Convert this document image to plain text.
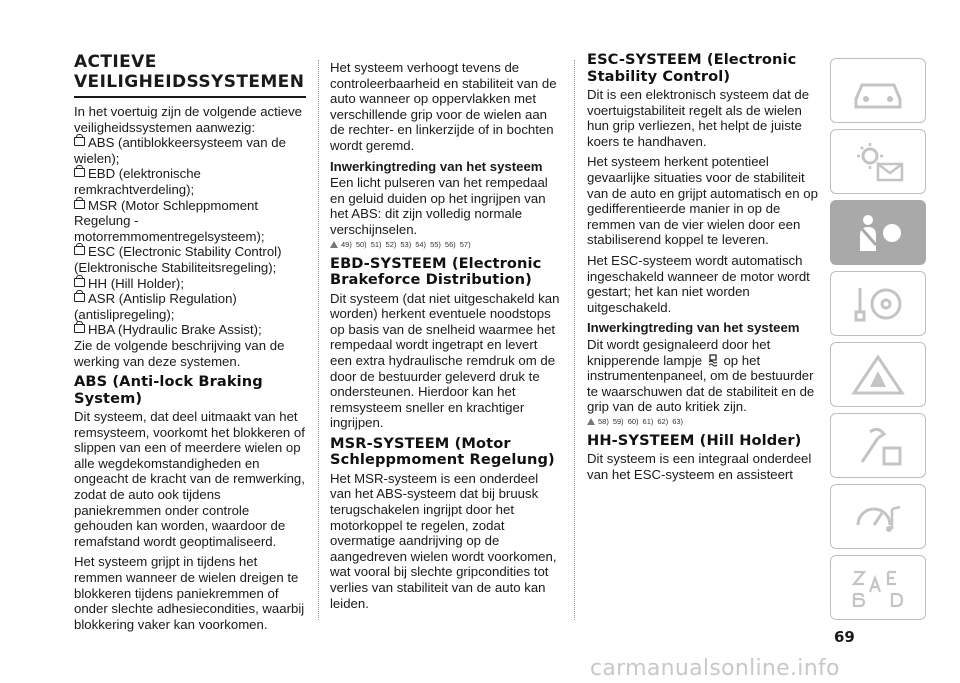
ACTIEVE
VEILIGHEIDSSYSTEMEN

In het voertuig zijn de volgende actieve veiligheidssystemen aanwezig:

ABS (antiblokkeersysteem van de wielen);
EBD (elektronische remkrachtverdeling);
MSR (Motor Schleppmoment Regelung - motorremmomentregelsysteem);
ESC (Electronic Stability Control) (Elektronische Stabiliteitsregeling);
HH (Hill Holder);
ASR (Antislip Regulation) (antislipregeling);
HBA (Hydraulic Brake Assist);

Zie de volgende beschrijving van de werking van deze systemen.

ABS (Anti-lock Braking System)

Dit systeem, dat deel uitmaakt van het remsysteem, voorkomt het blokkeren of slippen van een of meerdere wielen op alle wegdekomstandigheden en ongeacht de kracht van de remwerking, zodat de auto ook tijdens paniekremmen onder controle gehouden kan worden, waardoor de remafstand wordt geoptimaliseerd.

Het systeem grijpt in tijdens het remmen wanneer de wielen dreigen te blokkeren tijdens paniekremmen of onder slechte adhesiecondities, waarbij blokkering vaker kan voorkomen.

Het systeem verhoogt tevens de controleerbaarheid en stabiliteit van de auto wanneer op oppervlakken met verschillende grip voor de wielen aan de rechter- en linkerzijde of in bochten wordt geremd.

Inwerkingtreding van het systeem

Een licht pulseren van het rempedaal en geluid duiden op het ingrijpen van het ABS: dit zijn volledig normale verschijnselen.

49) 50) 51) 52) 53) 54) 55) 56) 57)
EBD-SYSTEEM (Electronic Brakeforce Distribution)

Dit systeem (dat niet uitgeschakeld kan worden) herkent eventuele noodstops op basis van de snelheid waarmee het rempedaal wordt ingetrapt en levert een extra hydraulische remdruk om de door de bestuurder geleverd druk te ondersteunen. Hierdoor kan het remsysteem sneller en krachtiger ingrijpen.

MSR-SYSTEEM (Motor Schleppmoment Regelung)

Het MSR-systeem is een onderdeel van het ABS-systeem dat bij bruusk terugschakelen ingrijpt door het motorkoppel te regelen, zodat overmatige aandrijving op de aangedreven wielen wordt voorkomen, wat vooral bij slechte gripcondities tot verlies van stabiliteit van de auto kan leiden.

ESC-SYSTEEM (Electronic Stability Control)

Dit is een elektronisch systeem dat de voertuigstabiliteit regelt als de wielen hun grip verliezen, het helpt de juiste koers te handhaven.

Het systeem herkent potentieel gevaarlijke situaties voor de stabiliteit van de auto en grijpt automatisch en op gedifferentieerde manier in op de remmen van de vier wielen door een stabiliserend koppel te leveren.

Het ESC-systeem wordt automatisch ingeschakeld wanneer de motor wordt gestart; het kan niet worden uitgeschakeld.

Inwerkingtreding van het systeem

Dit wordt gesignaleerd door het knipperende lampje op het instrumentenpaneel, om de bestuurder te waarschuwen dat de stabiliteit en de grip van de auto kritiek zijn.

58) 59) 60) 61) 62) 63)
HH-SYSTEEM (Hill Holder)

Dit systeem is een integraal onderdeel van het ESC-systeem en assisteert

69
carmanualsonline.info
